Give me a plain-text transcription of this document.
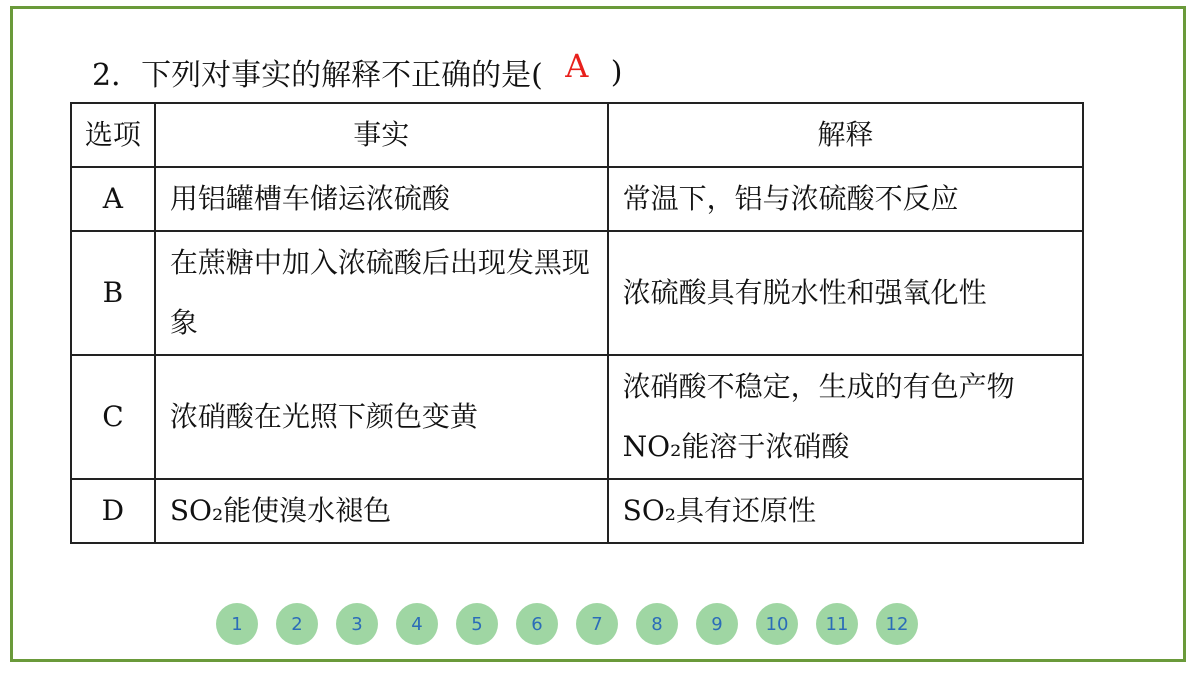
2．下列对事实的解释不正确的是( A )
选项	事实	解释
A	用铝罐槽车储运浓硫酸	常温下，铝与浓硫酸不反应
B	在蔗糖中加入浓硫酸后出现发黑现象	浓硫酸具有脱水性和强氧化性
C	浓硝酸在光照下颜色变黄	浓硝酸不稳定，生成的有色产物NO₂能溶于浓硝酸
D	SO₂能使溴水褪色	SO₂具有还原性
1	2	3	4	5	6	7	8	9	10	11	12
